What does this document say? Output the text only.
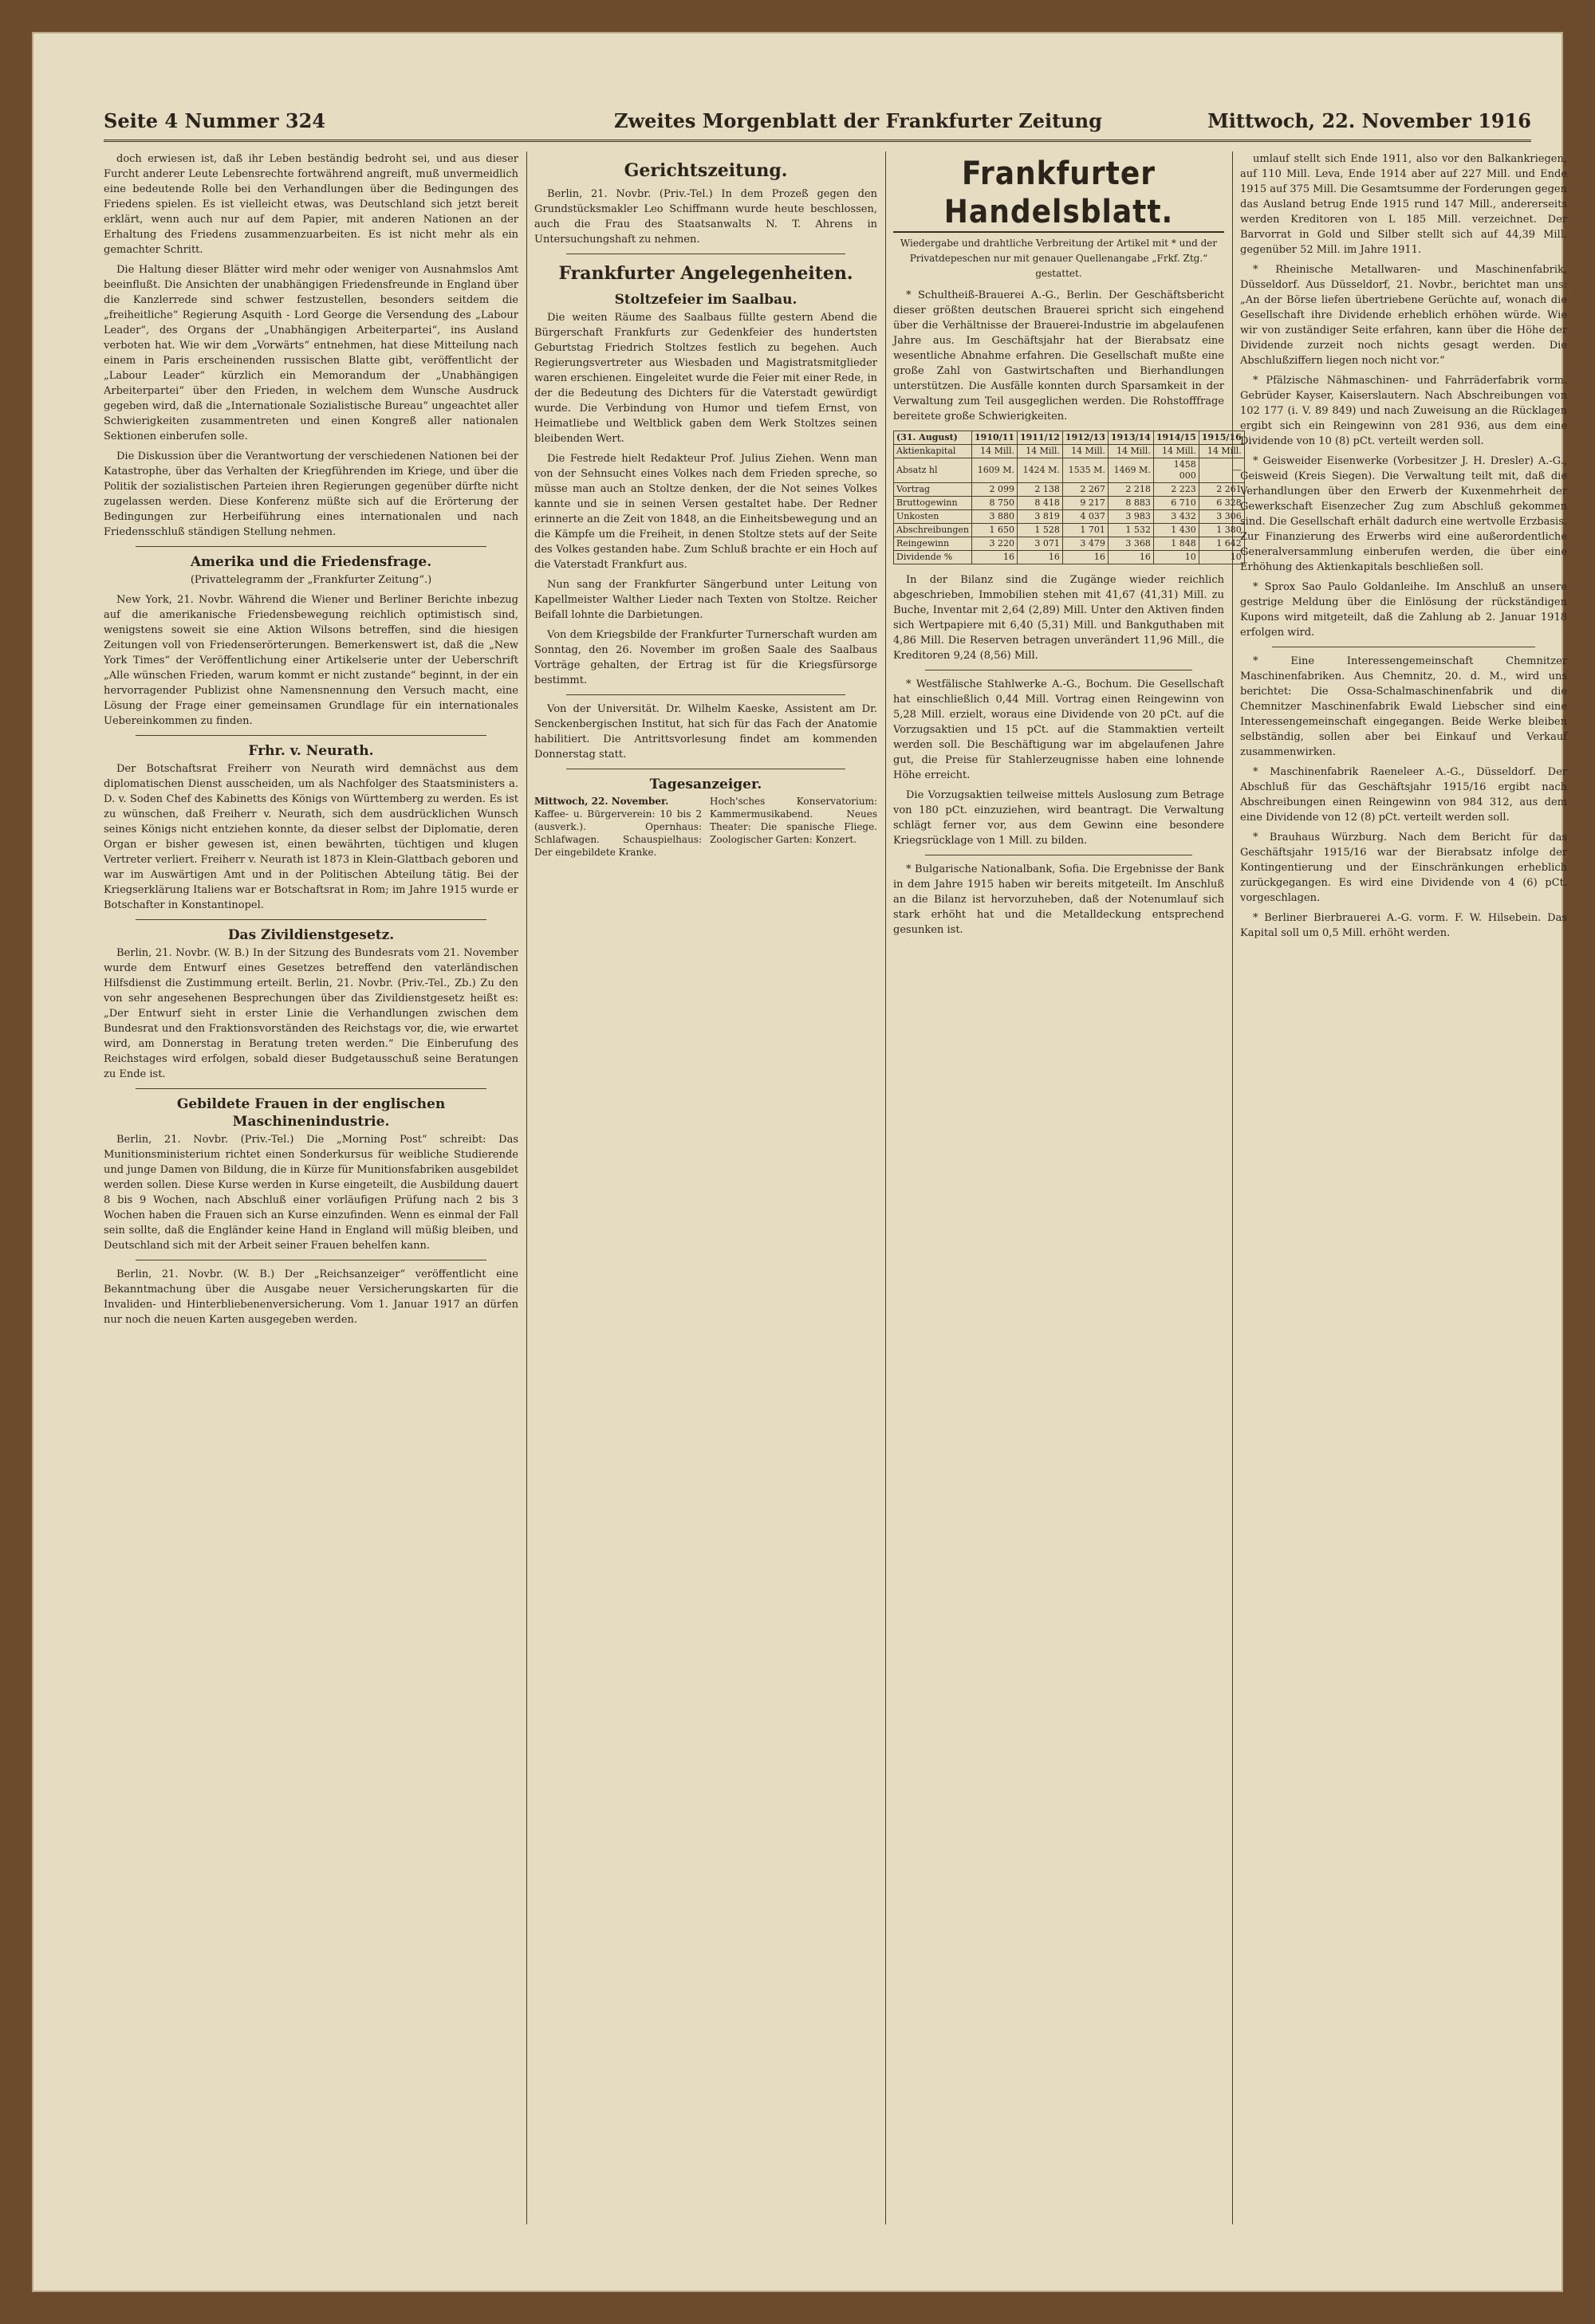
Seite 4 Nummer 324	Zweites Morgenblatt der Frankfurter Zeitung	Mittwoch, 22. November 1916

doch erwiesen ist, daß ihr Leben beständig bedroht sei, und aus dieser Furcht anderer Leute Lebensrechte fortwährend angreift, muß unvermeidlich eine bedeutende Rolle bei den Verhandlungen über die Bedingungen des Friedens spielen. Es ist vielleicht etwas, was Deutschland sich jetzt bereit erklärt, wenn auch nur auf dem Papier, mit anderen Nationen an der Erhaltung des Friedens zusammenzuarbeiten. Es ist nicht mehr als ein gemachter Schritt.

Die Haltung dieser Blätter wird mehr oder weniger von Ausnahmslos Amt beeinflußt. Die Ansichten der unabhängigen Friedensfreunde in England über die Kanzlerrede sind schwer festzustellen, besonders seitdem die „freiheitliche“ Regierung Asquith - Lord George die Versendung des „Labour Leader“, des Organs der „Unabhängigen Arbeiterpartei“, ins Ausland verboten hat. Wie wir dem „Vorwärts“ entnehmen, hat diese Mitteilung nach einem in Paris erscheinenden russischen Blatte gibt, veröffentlicht der „Labour Leader“ kürzlich ein Memorandum der „Unabhängigen Arbeiterpartei“ über den Frieden, in welchem dem Wunsche Ausdruck gegeben wird, daß die „Internationale Sozialistische Bureau“ ungeachtet aller Schwierigkeiten zusammentreten und einen Kongreß aller nationalen Sektionen einberufen solle.

Die Diskussion über die Verantwortung der verschiedenen Nationen bei der Katastrophe, über das Verhalten der Kriegführenden im Kriege, und über die Politik der sozialistischen Parteien ihren Regierungen gegenüber dürfte nicht zugelassen werden. Diese Konferenz müßte sich auf die Erörterung der Bedingungen zur Herbeiführung eines internationalen und nach Friedensschluß ständigen Stellung nehmen.

Amerika und die Friedensfrage.
(Privattelegramm der „Frankfurter Zeitung“.)

New York, 21. Novbr. Während die Wiener und Berliner Berichte inbezug auf die amerikanische Friedensbewegung reichlich optimistisch sind, wenigstens soweit sie eine Aktion Wilsons betreffen, sind die hiesigen Zeitungen voll von Friedenserörterungen. Bemerkenswert ist, daß die „New York Times“ der Veröffentlichung einer Artikelserie unter der Ueberschrift „Alle wünschen Frieden, warum kommt er nicht zustande“ beginnt, in der ein hervorragender Publizist ohne Namensnennung den Versuch macht, eine Lösung der Frage einer gemeinsamen Grundlage für ein internationales Uebereinkommen zu finden.

Frhr. v. Neurath.

Der Botschaftsrat Freiherr von Neurath wird demnächst aus dem diplomatischen Dienst ausscheiden, um als Nachfolger des Staatsministers a. D. v. Soden Chef des Kabinetts des Königs von Württemberg zu werden. Es ist zu wünschen, daß Freiherr v. Neurath, sich dem ausdrücklichen Wunsch seines Königs nicht entziehen konnte, da dieser selbst der Diplomatie, deren Organ er bisher gewesen ist, einen bewährten, tüchtigen und klugen Vertreter verliert. Freiherr v. Neurath ist 1873 in Klein-Glattbach geboren und war im Auswärtigen Amt und in der Politischen Abteilung tätig. Bei der Kriegserklärung Italiens war er Botschaftsrat in Rom; im Jahre 1915 wurde er Botschafter in Konstantinopel.

Das Zivildienstgesetz.

Berlin, 21. Novbr. (W. B.) In der Sitzung des Bundesrats vom 21. November wurde dem Entwurf eines Gesetzes betreffend den vaterländischen Hilfsdienst die Zustimmung erteilt. Berlin, 21. Novbr. (Priv.-Tel., Zb.) Zu den von sehr angesehenen Besprechungen über das Zivildienstgesetz heißt es: „Der Entwurf sieht in erster Linie die Verhandlungen zwischen dem Bundesrat und den Fraktionsvorständen des Reichstags vor, die, wie erwartet wird, am Donnerstag in Beratung treten werden.“ Die Einberufung des Reichstages wird erfolgen, sobald dieser Budgetausschuß seine Beratungen zu Ende ist.

Gebildete Frauen in der englischen Maschinenindustrie.

Berlin, 21. Novbr. (Priv.-Tel.) Die „Morning Post“ schreibt: Das Munitionsministerium richtet einen Sonderkursus für weibliche Studierende und junge Damen von Bildung, die in Kürze für Munitionsfabriken ausgebildet werden sollen. Diese Kurse werden in Kurse eingeteilt, die Ausbildung dauert 8 bis 9 Wochen, nach Abschluß einer vorläufigen Prüfung nach 2 bis 3 Wochen haben die Frauen sich an Kurse einzufinden. Wenn es einmal der Fall sein sollte, daß die Engländer keine Hand in England will müßig bleiben, und Deutschland sich mit der Arbeit seiner Frauen behelfen kann.

Berlin, 21. Novbr. (W. B.) Der „Reichsanzeiger“ veröffentlicht eine Bekanntmachung über die Ausgabe neuer Versicherungskarten für die Invaliden- und Hinterbliebenenversicherung. Vom 1. Januar 1917 an dürfen nur noch die neuen Karten ausgegeben werden.

Gerichtszeitung.

Berlin, 21. Novbr. (Priv.-Tel.) In dem Prozeß gegen den Grundstücksmakler Leo Schiffmann wurde heute beschlossen, auch die Frau des Staatsanwalts N. T. Ahrens in Untersuchungshaft zu nehmen.

Frankfurter Angelegenheiten.
Stoltzefeier im Saalbau.

Die weiten Räume des Saalbaus füllte gestern Abend die Bürgerschaft Frankfurts zur Gedenkfeier des hundertsten Geburtstag Friedrich Stoltzes festlich zu begehen. Auch Regierungsvertreter aus Wiesbaden und Magistratsmitglieder waren erschienen. Eingeleitet wurde die Feier mit einer Rede, in der die Bedeutung des Dichters für die Vaterstadt gewürdigt wurde. Die Verbindung von Humor und tiefem Ernst, von Heimatliebe und Weltblick gaben dem Werk Stoltzes seinen bleibenden Wert.

Die Festrede hielt Redakteur Prof. Julius Ziehen. Wenn man von der Sehnsucht eines Volkes nach dem Frieden spreche, so müsse man auch an Stoltze denken, der die Not seines Volkes kannte und sie in seinen Versen gestaltet habe. Der Redner erinnerte an die Zeit von 1848, an die Einheitsbewegung und an die Kämpfe um die Freiheit, in denen Stoltze stets auf der Seite des Volkes gestanden habe. Zum Schluß brachte er ein Hoch auf die Vaterstadt Frankfurt aus.

Nun sang der Frankfurter Sängerbund unter Leitung von Kapellmeister Walther Lieder nach Texten von Stoltze. Reicher Beifall lohnte die Darbietungen.

Von dem Kriegsbilde der Frankfurter Turnerschaft wurden am Sonntag, den 26. November im großen Saale des Saalbaus Vorträge gehalten, der Ertrag ist für die Kriegsfürsorge bestimmt.

Von der Universität. Dr. Wilhelm Kaeske, Assistent am Dr. Senckenbergischen Institut, hat sich für das Fach der Anatomie habilitiert. Die Antrittsvorlesung findet am kommenden Donnerstag statt.

Tagesanzeiger.
Mittwoch, 22. November.
Kaffee- u. Bürgerverein: 10 bis 2 (ausverk.). Opernhaus: Schlafwagen. Schauspielhaus: Der eingebildete Kranke.
Hoch'sches Konservatorium: Kammermusikabend. Neues Theater: Die spanische Fliege. Zoologischer Garten: Konzert.
Frankfurter Handelsblatt.
Wiedergabe und drahtliche Verbreitung der Artikel mit * und der Privatdepeschen nur mit genauer Quellenangabe „Frkf. Ztg.“ gestattet.

* Schultheiß-Brauerei A.-G., Berlin. Der Geschäftsbericht dieser größten deutschen Brauerei spricht sich eingehend über die Verhältnisse der Brauerei-Industrie im abgelaufenen Jahre aus. Im Geschäftsjahr hat der Bierabsatz eine wesentliche Abnahme erfahren. Die Gesellschaft mußte eine große Zahl von Gastwirtschaften und Bierhandlungen unterstützen. Die Ausfälle konnten durch Sparsamkeit in der Verwaltung zum Teil ausgeglichen werden. Die Rohstofffrage bereitete große Schwierigkeiten.

(31. August)	1910/11	1911/12	1912/13	1913/14	1914/15	1915/16
Aktienkapital	14 Mill.	14 Mill.	14 Mill.	14 Mill.	14 Mill.	14 Mill.
Absatz hl	1609 M.	1424 M.	1535 M.	1469 M.	1458 000	—
Vortrag	2 099	2 138	2 267	2 218	2 223	2 261
Bruttogewinn	8 750	8 418	9 217	8 883	6 710	6 328
Unkosten	3 880	3 819	4 037	3 983	3 432	3 306
Abschreibungen	1 650	1 528	1 701	1 532	1 430	1 380
Reingewinn	3 220	3 071	3 479	3 368	1 848	1 642
Dividende %	16	16	16	16	10	10

In der Bilanz sind die Zugänge wieder reichlich abgeschrieben, Immobilien stehen mit 41,67 (41,31) Mill. zu Buche, Inventar mit 2,64 (2,89) Mill. Unter den Aktiven finden sich Wertpapiere mit 6,40 (5,31) Mill. und Bankguthaben mit 4,86 Mill. Die Reserven betragen unverändert 11,96 Mill., die Kreditoren 9,24 (8,56) Mill.

* Westfälische Stahlwerke A.-G., Bochum. Die Gesellschaft hat einschließlich 0,44 Mill. Vortrag einen Reingewinn von 5,28 Mill. erzielt, woraus eine Dividende von 20 pCt. auf die Vorzugsaktien und 15 pCt. auf die Stammaktien verteilt werden soll. Die Beschäftigung war im abgelaufenen Jahre gut, die Preise für Stahlerzeugnisse haben eine lohnende Höhe erreicht.

Die Vorzugsaktien teilweise mittels Auslosung zum Betrage von 180 pCt. einzuziehen, wird beantragt. Die Verwaltung schlägt ferner vor, aus dem Gewinn eine besondere Kriegsrücklage von 1 Mill. zu bilden.

* Bulgarische Nationalbank, Sofia. Die Ergebnisse der Bank in dem Jahre 1915 haben wir bereits mitgeteilt. Im Anschluß an die Bilanz ist hervorzuheben, daß der Notenumlauf sich stark erhöht hat und die Metalldeckung entsprechend gesunken ist.

umlauf stellt sich Ende 1911, also vor den Balkankriegen, auf 110 Mill. Leva, Ende 1914 aber auf 227 Mill. und Ende 1915 auf 375 Mill. Die Gesamtsumme der Forderungen gegen das Ausland betrug Ende 1915 rund 147 Mill., andererseits werden Kreditoren von L 185 Mill. verzeichnet. Der Barvorrat in Gold und Silber stellt sich auf 44,39 Mill. gegenüber 52 Mill. im Jahre 1911.

* Rheinische Metallwaren- und Maschinenfabrik, Düsseldorf. Aus Düsseldorf, 21. Novbr., berichtet man uns: „An der Börse liefen übertriebene Gerüchte auf, wonach die Gesellschaft ihre Dividende erheblich erhöhen würde. Wie wir von zuständiger Seite erfahren, kann über die Höhe der Dividende zurzeit noch nichts gesagt werden. Die Abschlußziffern liegen noch nicht vor.“

* Pfälzische Nähmaschinen- und Fahrräderfabrik vorm. Gebrüder Kayser, Kaiserslautern. Nach Abschreibungen von 102 177 (i. V. 89 849) und nach Zuweisung an die Rücklagen ergibt sich ein Reingewinn von 281 936, aus dem eine Dividende von 10 (8) pCt. verteilt werden soll.

* Geisweider Eisenwerke (Vorbesitzer J. H. Dresler) A.-G., Geisweid (Kreis Siegen). Die Verwaltung teilt mit, daß die Verhandlungen über den Erwerb der Kuxenmehrheit der Gewerkschaft Eisenzecher Zug zum Abschluß gekommen sind. Die Gesellschaft erhält dadurch eine wertvolle Erzbasis. Zur Finanzierung des Erwerbs wird eine außerordentliche Generalversammlung einberufen werden, die über eine Erhöhung des Aktienkapitals beschließen soll.

* Sprox Sao Paulo Goldanleihe. Im Anschluß an unsere gestrige Meldung über die Einlösung der rückständigen Kupons wird mitgeteilt, daß die Zahlung ab 2. Januar 1918 erfolgen wird.

* Eine Interessengemeinschaft Chemnitzer Maschinenfabriken. Aus Chemnitz, 20. d. M., wird uns berichtet: Die Ossa-Schalmaschinenfabrik und die Chemnitzer Maschinenfabrik Ewald Liebscher sind eine Interessengemeinschaft eingegangen. Beide Werke bleiben selbständig, sollen aber bei Einkauf und Verkauf zusammenwirken.

* Maschinenfabrik Raeneleer A.-G., Düsseldorf. Der Abschluß für das Geschäftsjahr 1915/16 ergibt nach Abschreibungen einen Reingewinn von 984 312, aus dem eine Dividende von 12 (8) pCt. verteilt werden soll.

* Brauhaus Würzburg. Nach dem Bericht für das Geschäftsjahr 1915/16 war der Bierabsatz infolge der Kontingentierung und der Einschränkungen erheblich zurückgegangen. Es wird eine Dividende von 4 (6) pCt. vorgeschlagen.

* Berliner Bierbrauerei A.-G. vorm. F. W. Hilsebein. Das Kapital soll um 0,5 Mill. erhöht werden.
